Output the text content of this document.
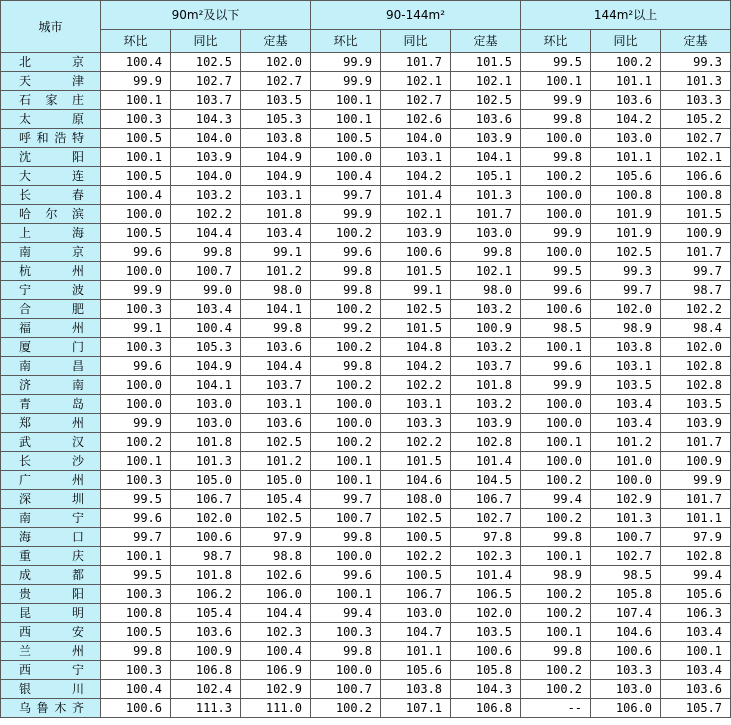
城市	90m²及以下			90-144m²			144m²以上		
	环比	同比	定基	环比	同比	定基	环比	同比	定基
北京	100.4	102.5	102.0	99.9	101.7	101.5	99.5	100.2	99.3
天津	99.9	102.7	102.7	99.9	102.1	102.1	100.1	101.1	101.3
石家庄	100.1	103.7	103.5	100.1	102.7	102.5	99.9	103.6	103.3
太原	100.3	104.3	105.3	100.1	102.6	103.6	99.8	104.2	105.2
呼和浩特	100.5	104.0	103.8	100.5	104.0	103.9	100.0	103.0	102.7
沈阳	100.1	103.9	104.9	100.0	103.1	104.1	99.8	101.1	102.1
大连	100.5	104.0	104.9	100.4	104.2	105.1	100.2	105.6	106.6
长春	100.4	103.2	103.1	99.7	101.4	101.3	100.0	100.8	100.8
哈尔滨	100.0	102.2	101.8	99.9	102.1	101.7	100.0	101.9	101.5
上海	100.5	104.4	103.4	100.2	103.9	103.0	99.9	101.9	100.9
南京	99.6	99.8	99.1	99.6	100.6	99.8	100.0	102.5	101.7
杭州	100.0	100.7	101.2	99.8	101.5	102.1	99.5	99.3	99.7
宁波	99.9	99.0	98.0	99.8	99.1	98.0	99.6	99.7	98.7
合肥	100.3	103.4	104.1	100.2	102.5	103.2	100.6	102.0	102.2
福州	99.1	100.4	99.8	99.2	101.5	100.9	98.5	98.9	98.4
厦门	100.3	105.3	103.6	100.2	104.8	103.2	100.1	103.8	102.0
南昌	99.6	104.9	104.4	99.8	104.2	103.7	99.6	103.1	102.8
济南	100.0	104.1	103.7	100.2	102.2	101.8	99.9	103.5	102.8
青岛	100.0	103.0	103.1	100.0	103.1	103.2	100.0	103.4	103.5
郑州	99.9	103.0	103.6	100.0	103.3	103.9	100.0	103.4	103.9
武汉	100.2	101.8	102.5	100.2	102.2	102.8	100.1	101.2	101.7
长沙	100.1	101.3	101.2	100.1	101.5	101.4	100.0	101.0	100.9
广州	100.3	105.0	105.0	100.1	104.6	104.5	100.2	100.0	99.9
深圳	99.5	106.7	105.4	99.7	108.0	106.7	99.4	102.9	101.7
南宁	99.6	102.0	102.5	100.7	102.5	102.7	100.2	101.3	101.1
海口	99.7	100.6	97.9	99.8	100.5	97.8	99.8	100.7	97.9
重庆	100.1	98.7	98.8	100.0	102.2	102.3	100.1	102.7	102.8
成都	99.5	101.8	102.6	99.6	100.5	101.4	98.9	98.5	99.4
贵阳	100.3	106.2	106.0	100.1	106.7	106.5	100.2	105.8	105.6
昆明	100.8	105.4	104.4	99.4	103.0	102.0	100.2	107.4	106.3
西安	100.5	103.6	102.3	100.3	104.7	103.5	100.1	104.6	103.4
兰州	99.8	100.9	100.4	99.8	101.1	100.6	99.8	100.6	100.1
西宁	100.3	106.8	106.9	100.0	105.6	105.8	100.2	103.3	103.4
银川	100.4	102.4	102.9	100.7	103.8	104.3	100.2	103.0	103.6
乌鲁木齐	100.6	111.3	111.0	100.2	107.1	106.8	--	106.0	105.7
